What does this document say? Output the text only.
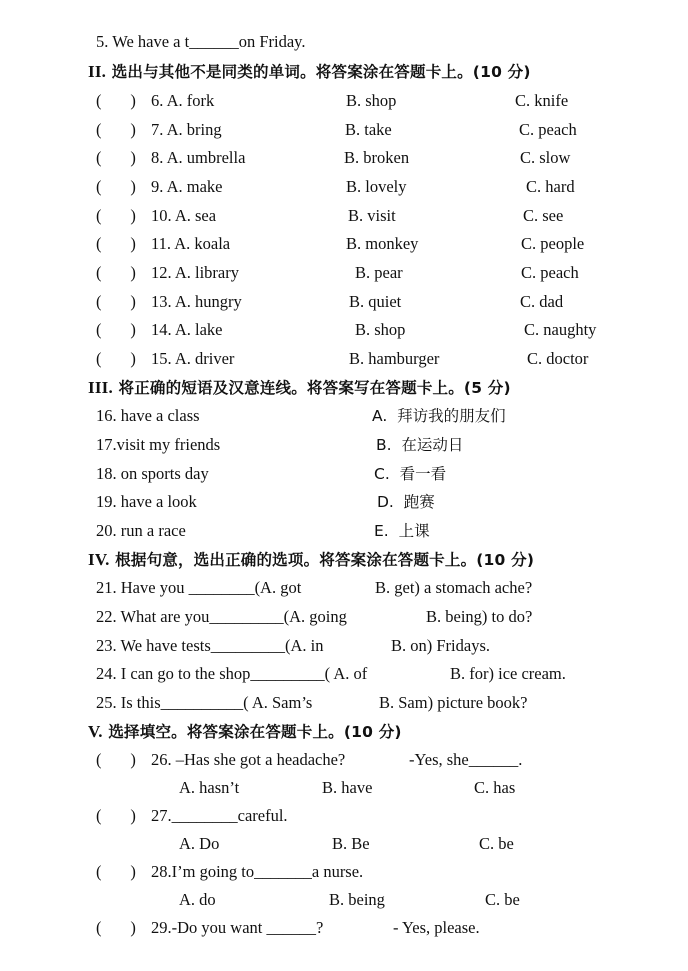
5. We have a t______on Friday.
II. 选出与其他不是同类的单词。将答案涂在答题卡上。(10 分)
(       ) 6. A. fork	B. shop	C. knife
(       ) 7. A. bring	B. take	C. peach
(       ) 8. A. umbrella	B. broken	C. slow
(       ) 9. A. make	B. lovely	C. hard
(       ) 10. A. sea	B. visit	C. see
(       ) 11. A. koala	B. monkey	C. people
(       ) 12. A. library	B. pear	C. peach
(       ) 13. A. hungry	B. quiet	C. dad
(       ) 14. A. lake	B. shop	C. naughty
(       ) 15. A. driver	B. hamburger	C. doctor
III. 将正确的短语及汉意连线。将答案写在答题卡上。(5 分)
16. have a class	A.  拜访我的朋友们
17.visit my friends	B.  在运动日
18. on sports day	C.  看一看
19. have a look	D.  跑赛
20. run a race	E.  上课
IV. 根据句意，选出正确的选项。将答案涂在答题卡上。(10 分)
21. Have you ________(A. got	B. get) a stomach ache?
22. What are you_________(A. going	B. being) to do?
23. We have tests_________(A. in	B. on) Fridays.
24. I can go to the shop_________( A. of	B. for) ice cream.
25. Is this__________( A. Sam’s	B. Sam) picture book?
V. 选择填空。将答案涂在答题卡上。(10 分)
(       ) 26. –Has she got a headache?	-Yes, she______.
A. hasn’t	B. have	C. has
(       ) 27.________careful.
A. Do	B. Be	C. be
(       ) 28.I’m going to_______a nurse.
A. do	B. being	C. be
(       ) 29.-Do you want ______?	- Yes, please.
